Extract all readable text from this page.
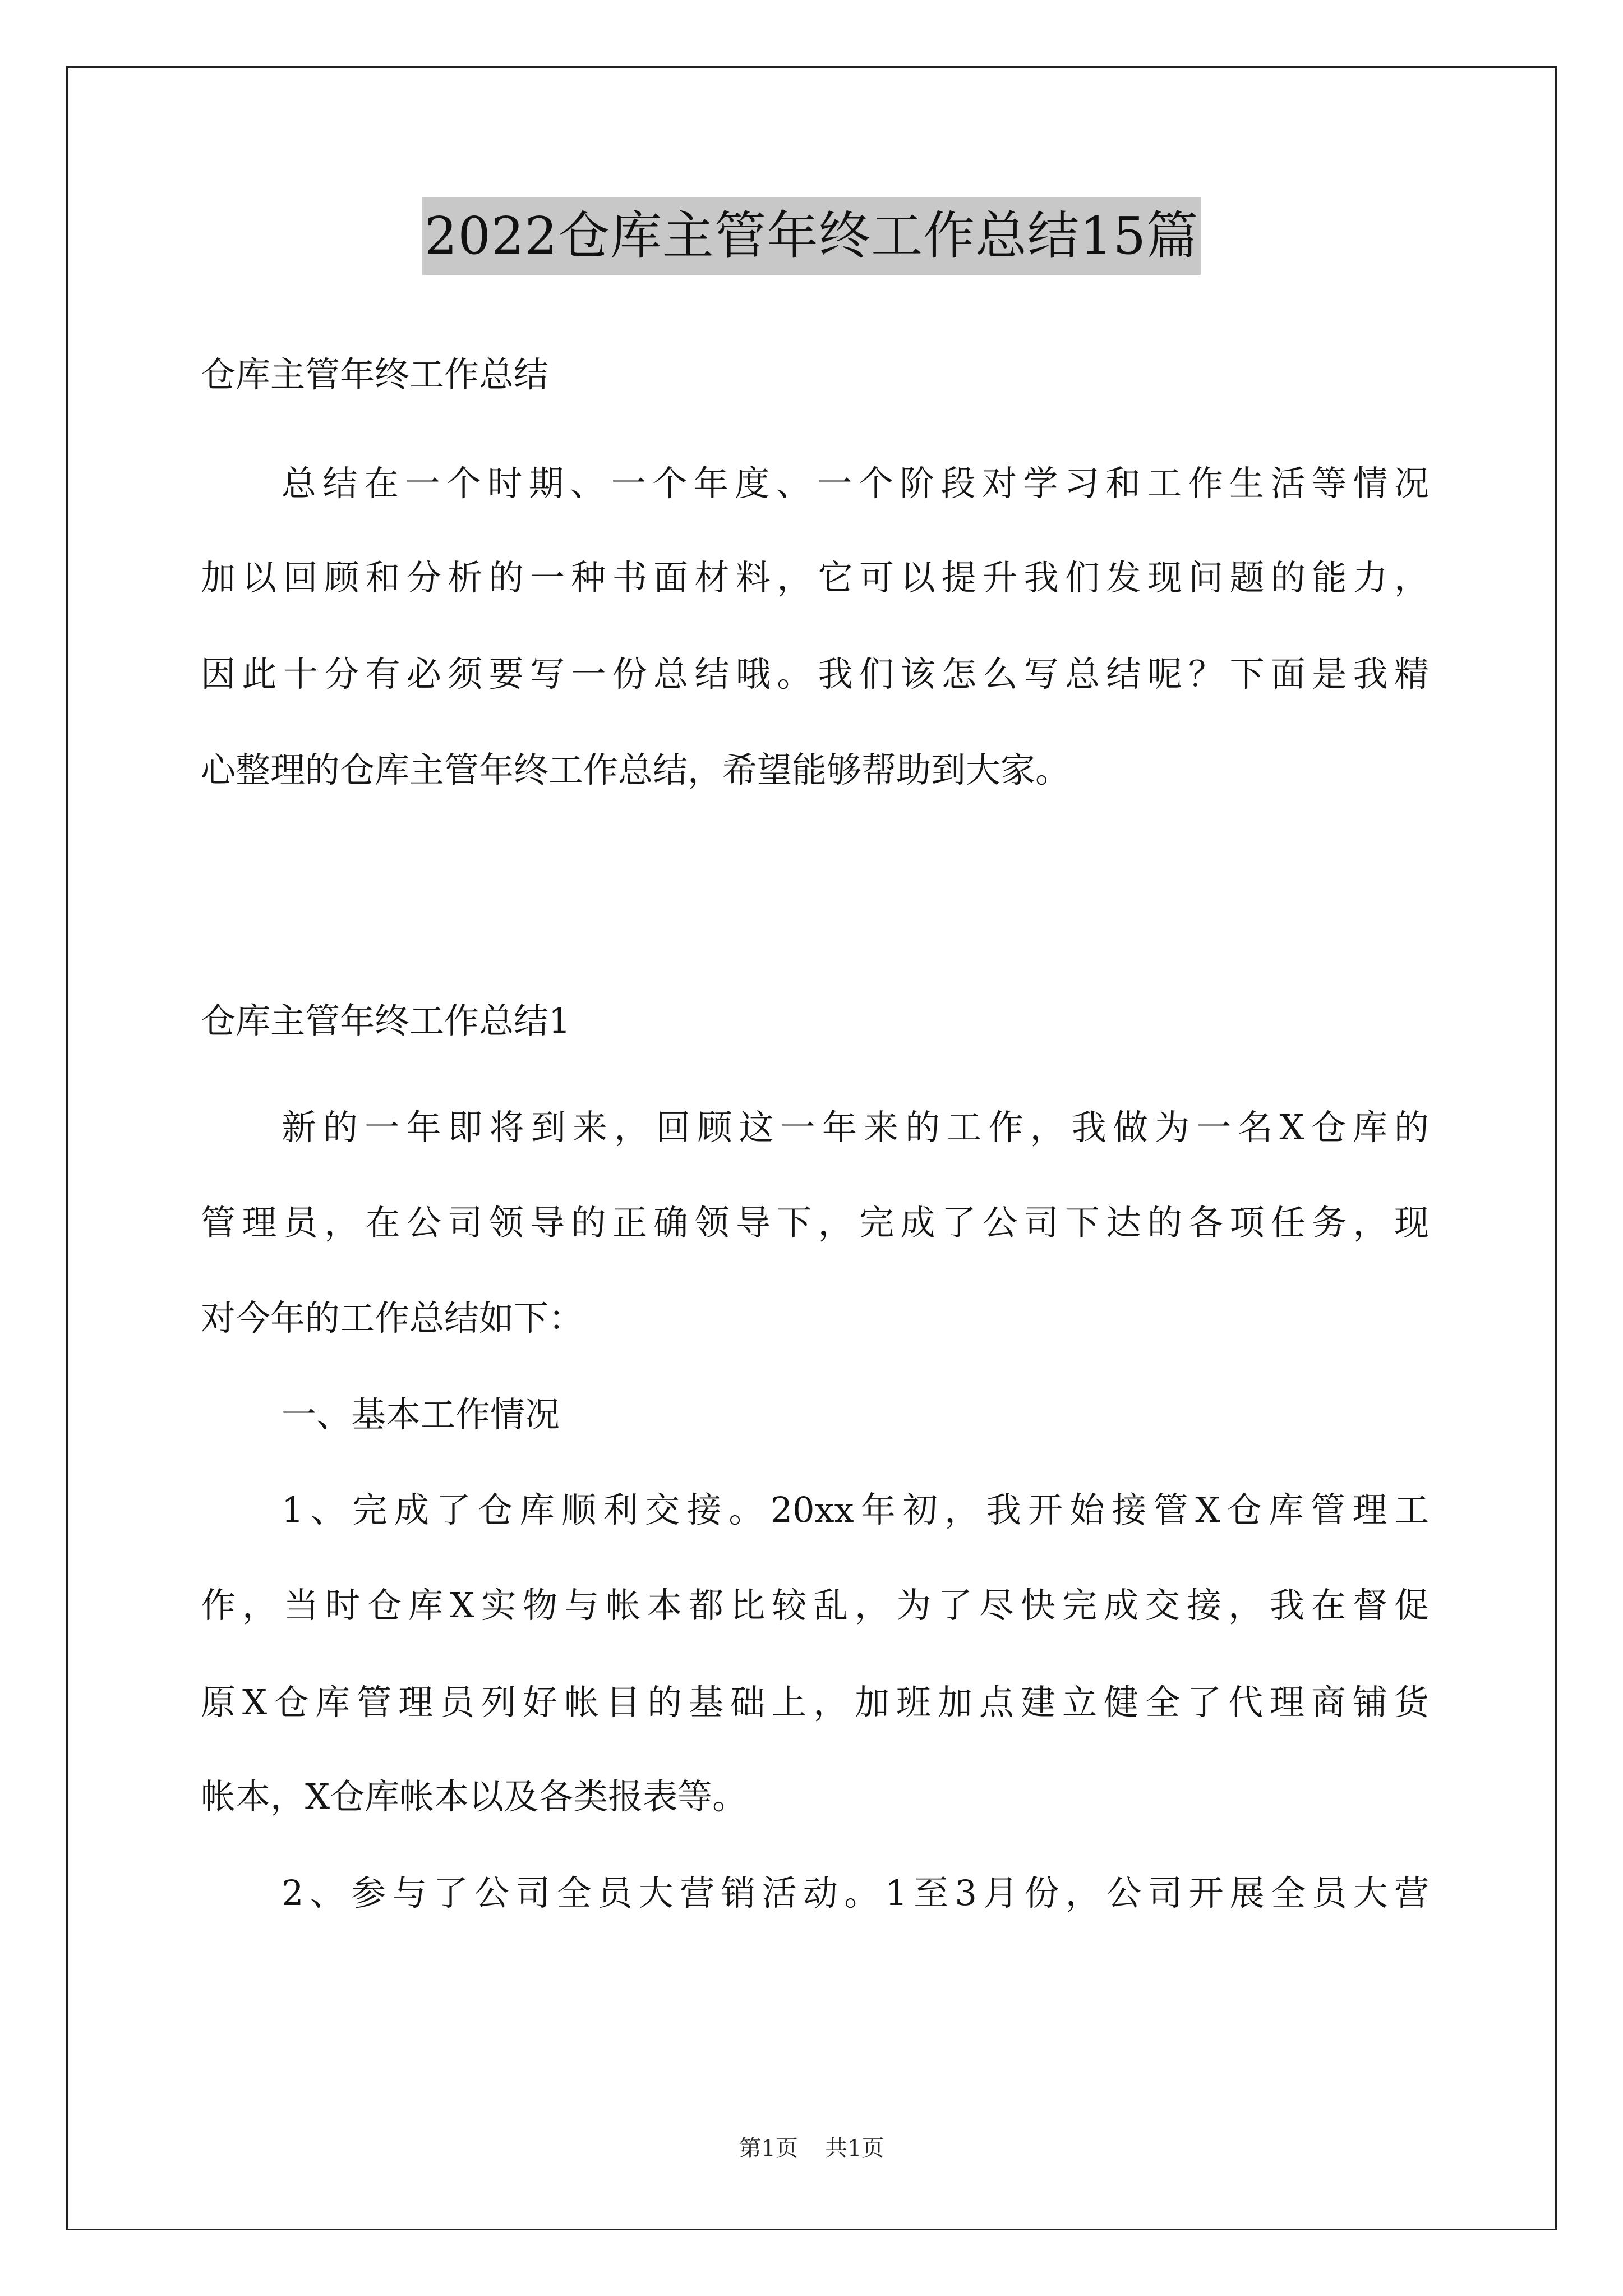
2022仓库主管年终工作总结15篇
仓库主管年终工作总结
总结在一个时期、一个年度、一个阶段对学习和工作生活等情况
加以回顾和分析的一种书面材料，它可以提升我们发现问题的能力，
因此十分有必须要写一份总结哦。我们该怎么写总结呢？下面是我精
心整理的仓库主管年终工作总结，希望能够帮助到大家。
仓库主管年终工作总结1
新的一年即将到来，回顾这一年来的工作，我做为一名X仓库的
管理员，在公司领导的正确领导下，完成了公司下达的各项任务，现
对今年的工作总结如下：
一、基本工作情况
1、完成了仓库顺利交接。20xx年初，我开始接管X仓库管理工
作，当时仓库X实物与帐本都比较乱，为了尽快完成交接，我在督促
原X仓库管理员列好帐目的基础上，加班加点建立健全了代理商铺货
帐本，X仓库帐本以及各类报表等。
2、参与了公司全员大营销活动。1至3月份，公司开展全员大营
第1页 共1页
